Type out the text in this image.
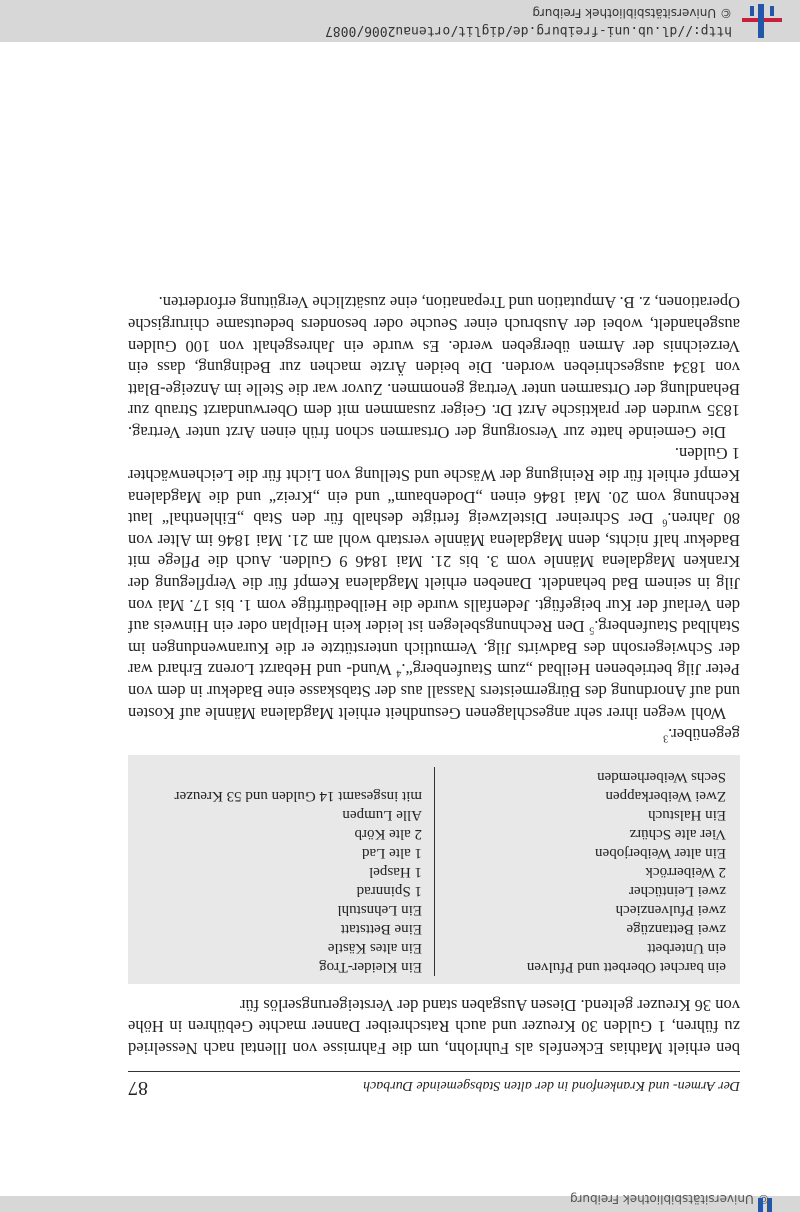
http://dl.ub.uni-freiburg.de/diglit/ortenau2006/0087
© Universitätsbibliothek Freiburg
Der Armen- und Krankenfond in der alten Stabsgemeinde Durbach
87

ben erhielt Mathias Eckenfels als Fuhrlohn, um die Fahrnisse von Illental nach Nesselried zu führen, 1 Gulden 30 Kreuzer und auch Ratschreiber Danner machte Gebühren in Höhe von 36 Kreuzer geltend. Diesen Ausgaben stand der Versteigerungserlös für

ein barchet Oberbett und Pfulven
ein Unterbett
zwei Bettanzüge
zwei Pfulvenziech
zwei Leintücher
2 Weiberröck
Ein alter Weiberjoben
Vier alte Schürz
Ein Halstuch
Zwei Weiberkappen
Sechs Weiberhemden
Ein Kleider-Trog
Ein altes Kästle
Eine Bettstatt
Ein Lehnstuhl
1 Spinnrad
1 Haspel
1 alte Lad
2 alte Körb
Alle Lumpen
mit insgesamt 14 Gulden und 53 Kreuzer

gegenüber.$^3$

Wohl wegen ihrer sehr angeschlagenen Gesundheit erhielt Magdalena Männle auf Kosten und auf Anordnung des Bürgermeisters Nassall aus der Stabskasse eine Badekur in dem von Peter Jilg betriebenen Heilbad „zum Staufenberg“.$^4$ Wund- und Hebarzt Lorenz Erhard war der Schwiegersohn des Badwirts Jilg. Vermutlich unterstützte er die Kuranwendungen im Stahlbad Staufenberg.$^5$ Den Rechnungsbelegen ist leider kein Heilplan oder ein Hinweis auf den Verlauf der Kur beigefügt. Jedenfalls wurde die Heilbedürftige vom 1. bis 17. Mai von Jilg in seinem Bad behandelt. Daneben erhielt Magdalena Kempf für die Verpflegung der Kranken Magdalena Männle vom 3. bis 21. Mai 1846 9 Gulden. Auch die Pflege mit Badekur half nichts, denn Magdalena Männle verstarb wohl am 21. Mai 1846 im Alter von 80 Jahren.$^6$ Der Schreiner Distelzweig fertigte deshalb für den Stab „Eihlenthal“ laut Rechnung vom 20. Mai 1846 einen „Dodenbaum“ und ein „Kreiz“ und die Magdalena Kempf erhielt für die Reinigung der Wäsche und Stellung von Licht für die Leichenwächter 1 Gulden.

Die Gemeinde hatte zur Versorgung der Ortsarmen schon früh einen Arzt unter Vertrag. 1835 wurden der praktische Arzt Dr. Geiger zusammen mit dem Oberwundarzt Straub zur Behandlung der Ortsarmen unter Vertrag genommen. Zuvor war die Stelle im Anzeige-Blatt von 1834 ausgeschrieben worden. Die beiden Ärzte machen zur Bedingung, dass ein Verzeichnis der Armen übergeben werde. Es wurde ein Jahresgehalt von 100 Gulden ausgehandelt, wobei der Ausbruch einer Seuche oder besonders bedeutsame chirurgische Operationen, z. B. Amputation und Trepanation, eine zusätzliche Vergütung erforderten.

© Universitätsbibliothek Freiburg
